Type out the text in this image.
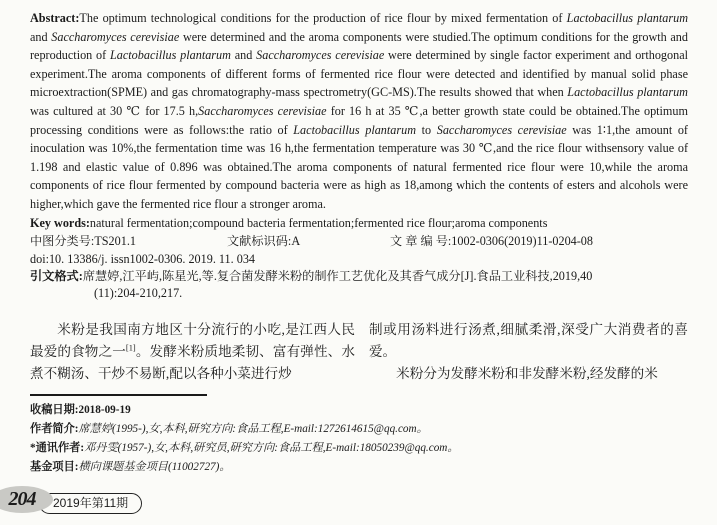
Abstract:The optimum technological conditions for the production of rice flour by mixed fermentation of Lactobacillus plantarum and Saccharomyces cerevisiae were determined and the aroma components were studied.The optimum conditions for the growth and reproduction of Lactobacillus plantarum and Saccharomyces cerevisiae were determined by single factor experiment and orthogonal experiment.The aroma components of different forms of fermented rice flour were detected and identified by manual solid phase microextraction(SPME) and gas chromatography-mass spectrometry(GC-MS).The results showed that when Lactobacillus plantarum was cultured at 30 ℃ for 17.5 h,Saccharomyces cerevisiae for 16 h at 35 ℃,a better growth state could be obtained.The optimum processing conditions were as follows:the ratio of Lactobacillus plantarum to Saccharomyces cerevisiae was 1∶1,the amount of inoculation was 10%,the fermentation time was 16 h,the fermentation temperature was 30 ℃,and the rice flour withsensory value of 1.198 and elastic value of 0.896 was obtained.The aroma components of natural fermented rice flour were 10,while the aroma components of rice flour fermented by compound bacteria were as high as 18,among which the contents of esters and alcohols were higher,which gave the fermented rice flour a stronger aroma.

Key words:natural fermentation;compound bacteria fermentation;fermented rice flour;aroma components

中图分类号:TS201.1	文献标识码:A	文 章 编 号:1002-0306(2019)11-0204-08

doi:10. 13386/j. issn1002-0306. 2019. 11. 034

引文格式:席慧婷,江平屿,陈星光,等.复合菌发酵米粉的制作工艺优化及其香气成分[J].食品工业科技,2019,40
(11):204-210,217.

米粉是我国南方地区十分流行的小吃,是江西人民最爱的食物之一[1]。发酵米粉质地柔韧、富有弹性、水煮不糊汤、干炒不易断,配以各种小菜进行炒

制或用汤料进行汤煮,细腻柔滑,深受广大消费者的喜爱。

米粉分为发酵米粉和非发酵米粉,经发酵的米

收稿日期:2018-09-19
作者简介:席慧婷(1995-),女,本科,研究方向:食品工程,E-mail:1272614615@qq.com。
*通讯作者:邓丹雯(1957-),女,本科,研究员,研究方向:食品工程,E-mail:18050239@qq.com。
基金项目:横向课题基金项目(11002727)。
2019年第11期
204
